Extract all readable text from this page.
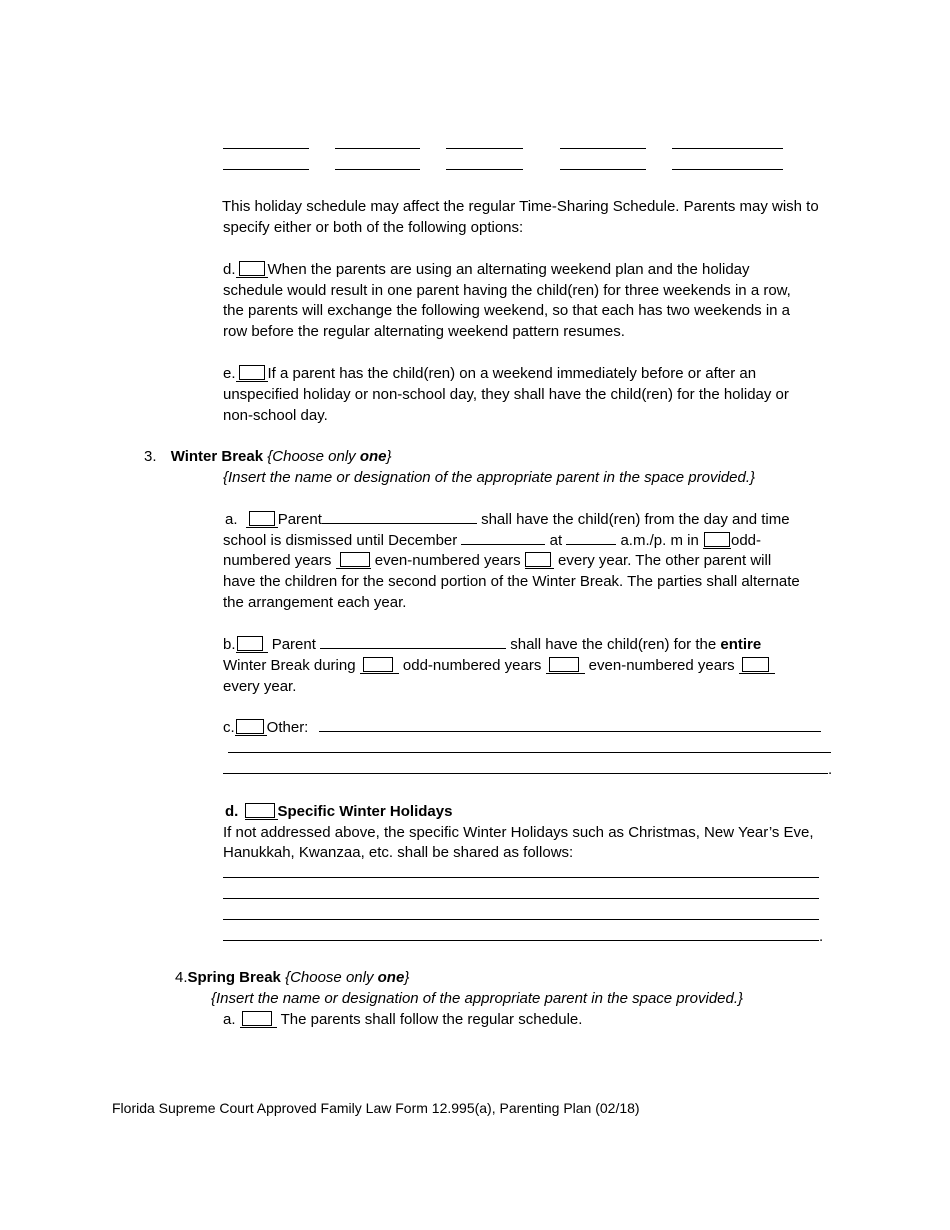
This holiday schedule may affect the regular Time-Sharing Schedule. Parents may wish to
specify either or both of the following options:
d. When the parents are using an alternating weekend plan and the holiday
schedule would result in one parent having the child(ren) for three weekends in a row,
the parents will exchange the following weekend, so that each has two weekends in a
row before the regular alternating weekend pattern resumes.
e. If a parent has the child(ren) on a weekend immediately before or after an
unspecified holiday or non-school day, they shall have the child(ren) for the holiday or
non-school day.
3. Winter Break {Choose only one}
{Insert the name or designation of the appropriate parent in the space provided.}
a.	Parent	shall have the child(ren) from the day and time
school is dismissed until December	at	a.m./p. m in odd-
numbered years	even-numbered years every year. The other parent will
have the children for the second portion of the Winter Break. The parties shall alternate
the arrangement each year.
b. Parent	shall have the child(ren) for the entire
Winter Break during	odd-numbered years	even-numbered years
every year.
c. Other:
.
d.	Specific Winter Holidays
If not addressed above, the specific Winter Holidays such as Christmas, New Year’s Eve,
Hanukkah, Kwanzaa, etc. shall be shared as follows:
.
4.Spring Break {Choose only one}
{Insert the name or designation of the appropriate parent in the space provided.}
a.	The parents shall follow the regular schedule.
Florida Supreme Court Approved Family Law Form 12.995(a), Parenting Plan (02/18)
